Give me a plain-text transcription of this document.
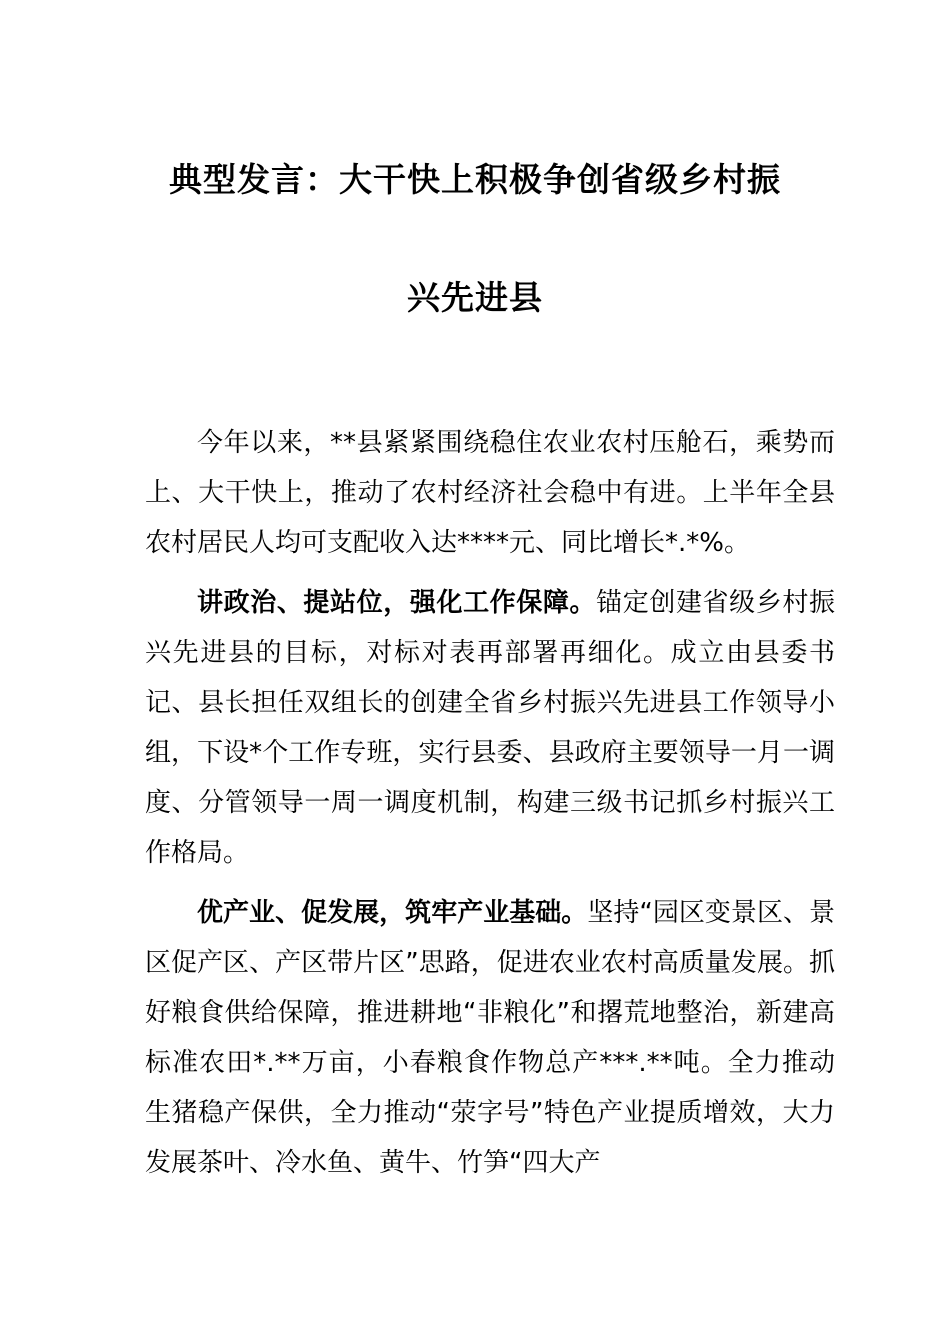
典型发言：大干快上积极争创省级乡村振
兴先进县

今年以来，**县紧紧围绕稳住农业农村压舱石，乘势而上、大干快上，推动了农村经济社会稳中有进。上半年全县农村居民人均可支配收入达****元、同比增长*.*%。

讲政治、提站位，强化工作保障。锚定创建省级乡村振兴先进县的目标，对标对表再部署再细化。成立由县委书记、县长担任双组长的创建全省乡村振兴先进县工作领导小组，下设*个工作专班，实行县委、县政府主要领导一月一调度、分管领导一周一调度机制，构建三级书记抓乡村振兴工作格局。

优产业、促发展，筑牢产业基础。坚持“园区变景区、景区促产区、产区带片区”思路，促进农业农村高质量发展。抓好粮食供给保障，推进耕地“非粮化”和撂荒地整治，新建高标准农田*.**万亩，小春粮食作物总产***.**吨。全力推动生猪稳产保供，全力推动“荥字号”特色产业提质增效，大力发展茶叶、冷水鱼、黄牛、竹笋“四大产
